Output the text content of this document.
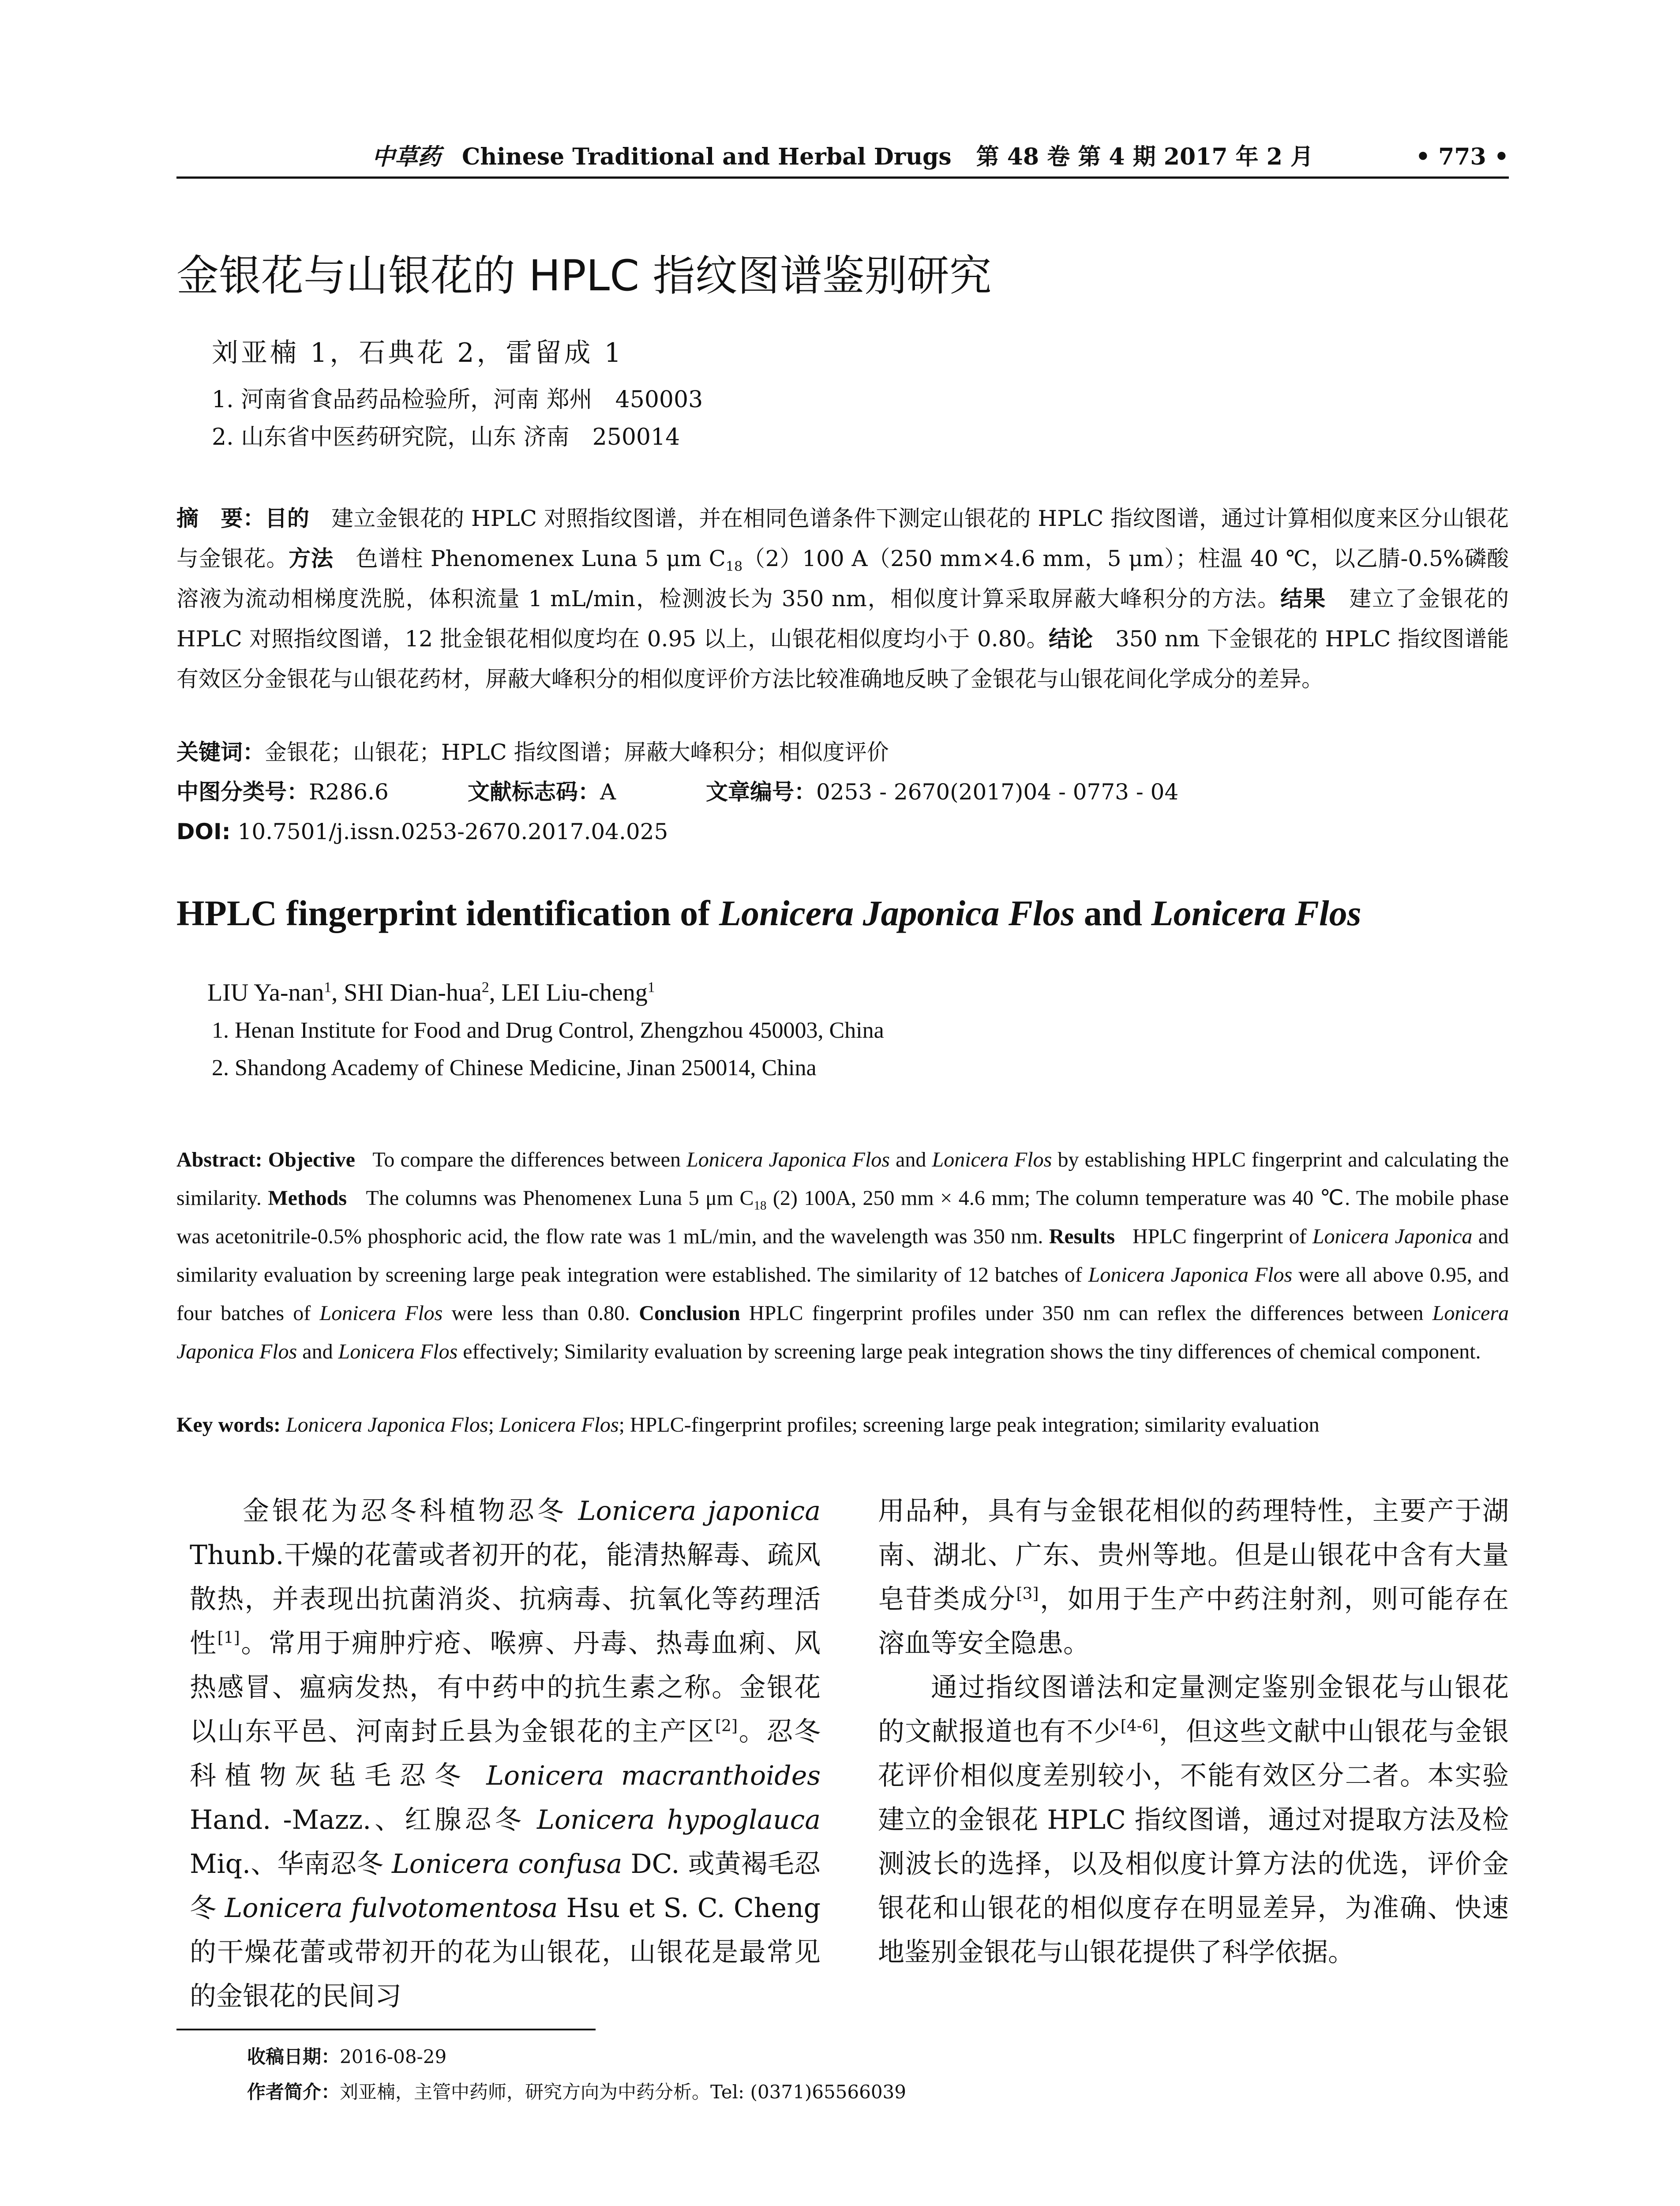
中草药 Chinese Traditional and Herbal Drugs 第 48 卷 第 4 期 2017 年 2 月	• 773 •
金银花与山银花的 HPLC 指纹图谱鉴别研究
刘亚楠 1，石典花 2，雷留成 1
1. 河南省食品药品检验所，河南 郑州　450003
2. 山东省中医药研究院，山东 济南　250014
摘　要：目的　 建立金银花的 HPLC 对照指纹图谱，并在相同色谱条件下测定山银花的 HPLC 指纹图谱，通过计算相似度来区分山银花与金银花。方法　 色谱柱 Phenomenex Luna 5 μm $C_{18}(2)100$ A（250 mm×4.6 mm，5 μm）；柱温 40 ℃，以乙腈-0.5%磷酸溶液为流动相梯度洗脱，体积流量 1 mL/min，检测波长为 350 nm，相似度计算采取屏蔽大峰积分的方法。结果　 建立了金银花的 HPLC 对照指纹图谱，12 批金银花相似度均在 0.95 以上，山银花相似度均小于 0.80。结论　 350 nm 下金银花的 HPLC 指纹图谱能有效区分金银花与山银花药材，屏蔽大峰积分的相似度评价方法比较准确地反映了金银花与山银花间化学成分的差异。
关键词：金银花；山银花；HPLC 指纹图谱；屏蔽大峰积分；相似度评价
中图分类号：R286.6	文献标志码：A	文章编号：0253 - 2670(2017)04 - 0773 - 04
DOI: 10.7501/j.issn.0253-2670.2017.04.025
HPLC fingerprint identification of Lonicera Japonica Flos and Lonicera Flos
LIU Ya-nan$^1$, SHI Dian-hua$^2$, LEI Liu-cheng$^1$
1. Henan Institute for Food and Drug Control, Zhengzhou 450003, China
2. Shandong Academy of Chinese Medicine, Jinan 250014, China
Abstract: Objective To compare the differences between Lonicera Japonica Flos and Lonicera Flos by establishing HPLC fingerprint and calculating the similarity. Methods The columns was Phenomenex Luna 5 μm $C_{18}$ (2) 100A, 250 mm × 4.6 mm; The column temperature was 40 ℃. The mobile phase was acetonitrile-0.5% phosphoric acid, the flow rate was 1 mL/min, and the wavelength was 350 nm. Results HPLC fingerprint of Lonicera Japonica and similarity evaluation by screening large peak integration were established. The similarity of 12 batches of Lonicera Japonica Flos were all above 0.95, and four batches of Lonicera Flos were less than 0.80. Conclusion HPLC fingerprint profiles under 350 nm can reflex the differences between Lonicera Japonica Flos and Lonicera Flos effectively; Similarity evaluation by screening large peak integration shows the tiny differences of chemical component.
Key words: Lonicera Japonica Flos; Lonicera Flos; HPLC-fingerprint profiles; screening large peak integration; similarity evaluation

金银花为忍冬科植物忍冬 Lonicera japonica Thunb.干燥的花蕾或者初开的花，能清热解毒、疏风散热，并表现出抗菌消炎、抗病毒、抗氧化等药理活性[1]。常用于痈肿疔疮、喉痹、丹毒、热毒血痢、风热感冒、瘟病发热，有中药中的抗生素之称。金银花以山东平邑、河南封丘县为金银花的主产区[2]。忍冬科植物灰毡毛忍冬 Lonicera macranthoides Hand. -Mazz.、红腺忍冬 Lonicera hypoglauca Miq.、华南忍冬 Lonicera confusa DC. 或黄褐毛忍冬 Lonicera fulvotomentosa Hsu et S. C. Cheng 的干燥花蕾或带初开的花为山银花，山银花是最常见的金银花的民间习

用品种，具有与金银花相似的药理特性，主要产于湖南、湖北、广东、贵州等地。但是山银花中含有大量皂苷类成分[3]，如用于生产中药注射剂，则可能存在溶血等安全隐患。

通过指纹图谱法和定量测定鉴别金银花与山银花的文献报道也有不少[4-6]，但这些文献中山银花与金银花评价相似度差别较小，不能有效区分二者。本实验建立的金银花 HPLC 指纹图谱，通过对提取方法及检测波长的选择，以及相似度计算方法的优选，评价金银花和山银花的相似度存在明显差异，为准确、快速地鉴别金银花与山银花提供了科学依据。

收稿日期：2016-08-29
作者简介：刘亚楠，主管中药师，研究方向为中药分析。Tel: (0371)65566039
